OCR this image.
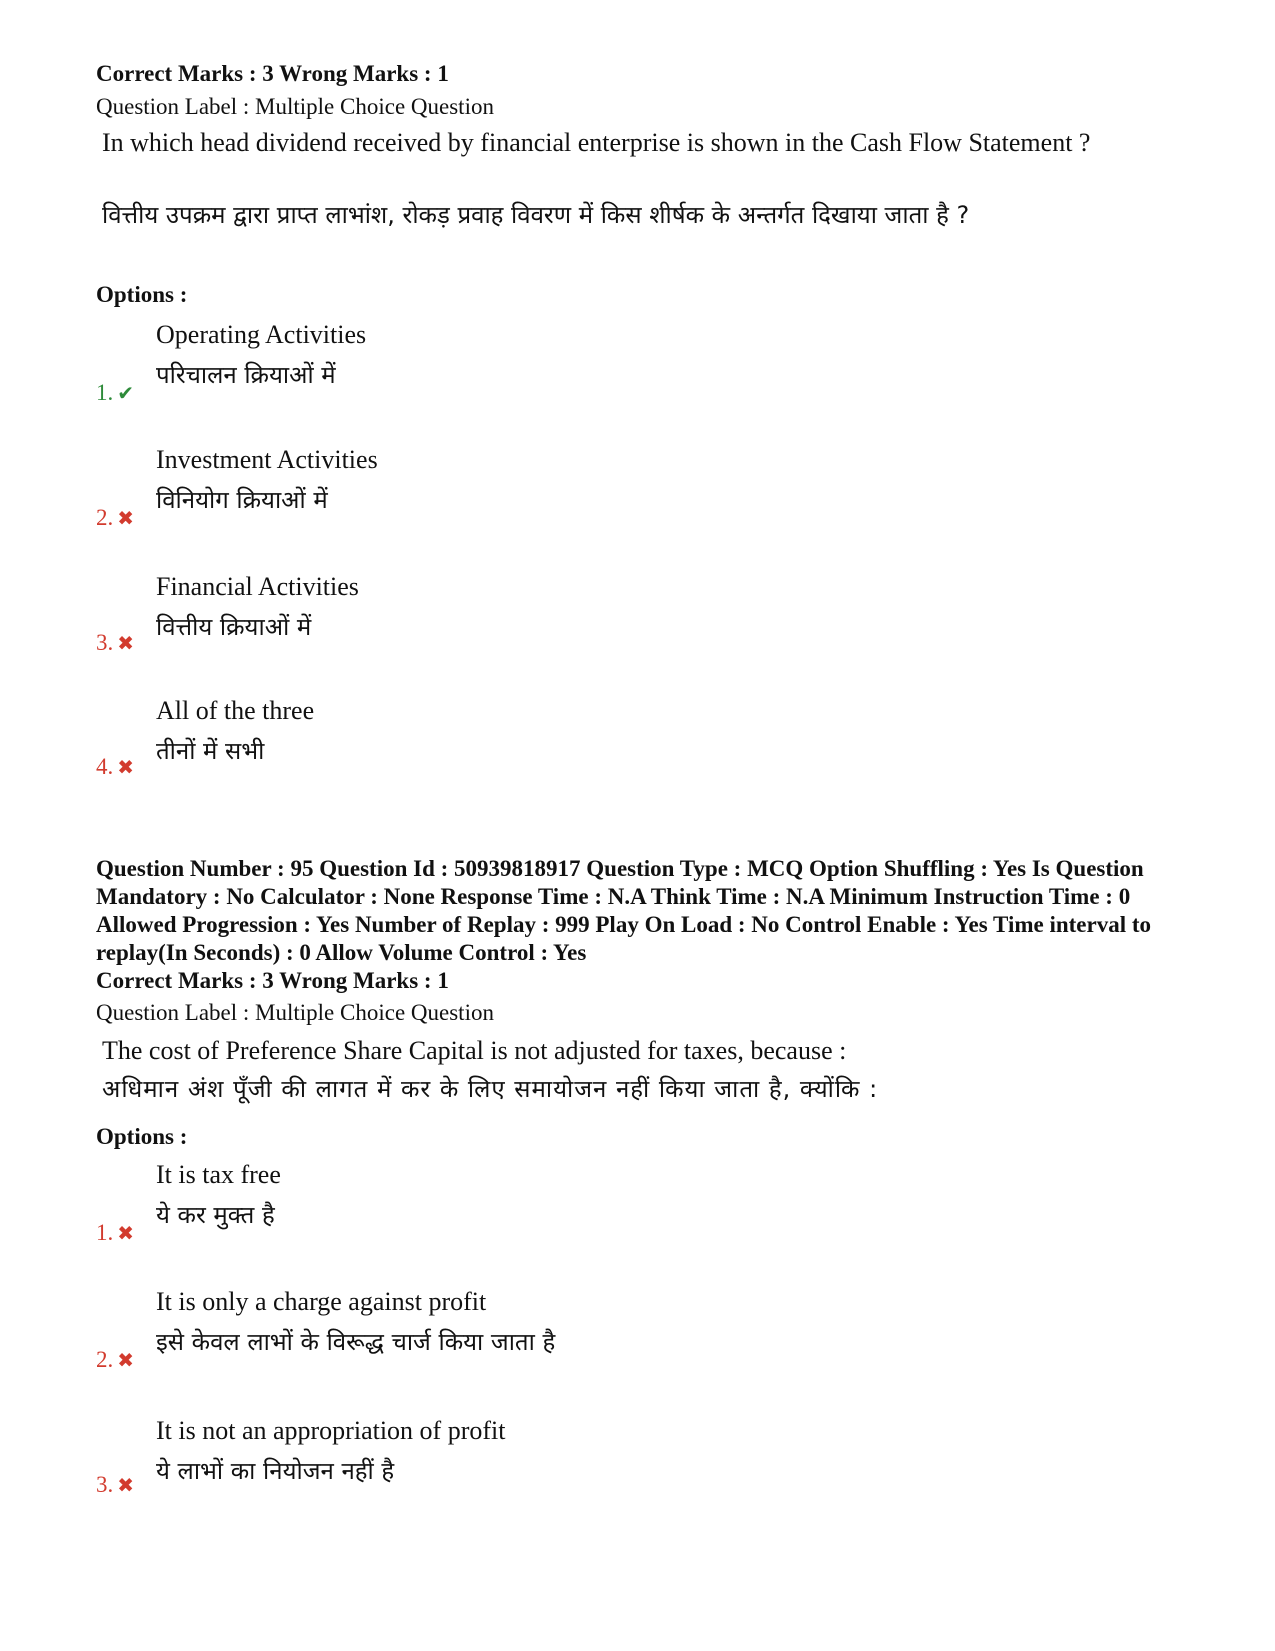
Correct Marks : 3 Wrong Marks : 1
Question Label : Multiple Choice Question
In which head dividend received by financial enterprise is shown in the Cash Flow Statement ?
वित्तीय उपक्रम द्वारा प्राप्त लाभांश, रोकड़ प्रवाह विवरण में किस शीर्षक के अन्तर्गत दिखाया जाता है ?
Options :
Operating Activities
परिचालन क्रियाओं में
1. ✔
Investment Activities
विनियोग क्रियाओं में
2. ✖
Financial Activities
वित्तीय क्रियाओं में
3. ✖
All of the three
तीनों में सभी
4. ✖
Question Number : 95 Question Id : 50939818917 Question Type : MCQ Option Shuffling : Yes Is Question Mandatory : No Calculator : None Response Time : N.A Think Time : N.A Minimum Instruction Time : 0 Allowed Progression : Yes Number of Replay : 999 Play On Load : No Control Enable : Yes Time interval to replay(In Seconds) : 0 Allow Volume Control : Yes
Correct Marks : 3 Wrong Marks : 1
Question Label : Multiple Choice Question
The cost of Preference Share Capital is not adjusted for taxes, because :
अधिमान अंश पूँजी की लागत में कर के लिए समायोजन नहीं किया जाता है, क्योंकि :
Options :
It is tax free
ये कर मुक्त है
1. ✖
It is only a charge against profit
इसे केवल लाभों के विरूद्ध चार्ज किया जाता है
2. ✖
It is not an appropriation of profit
ये लाभों का नियोजन नहीं है
3. ✖
